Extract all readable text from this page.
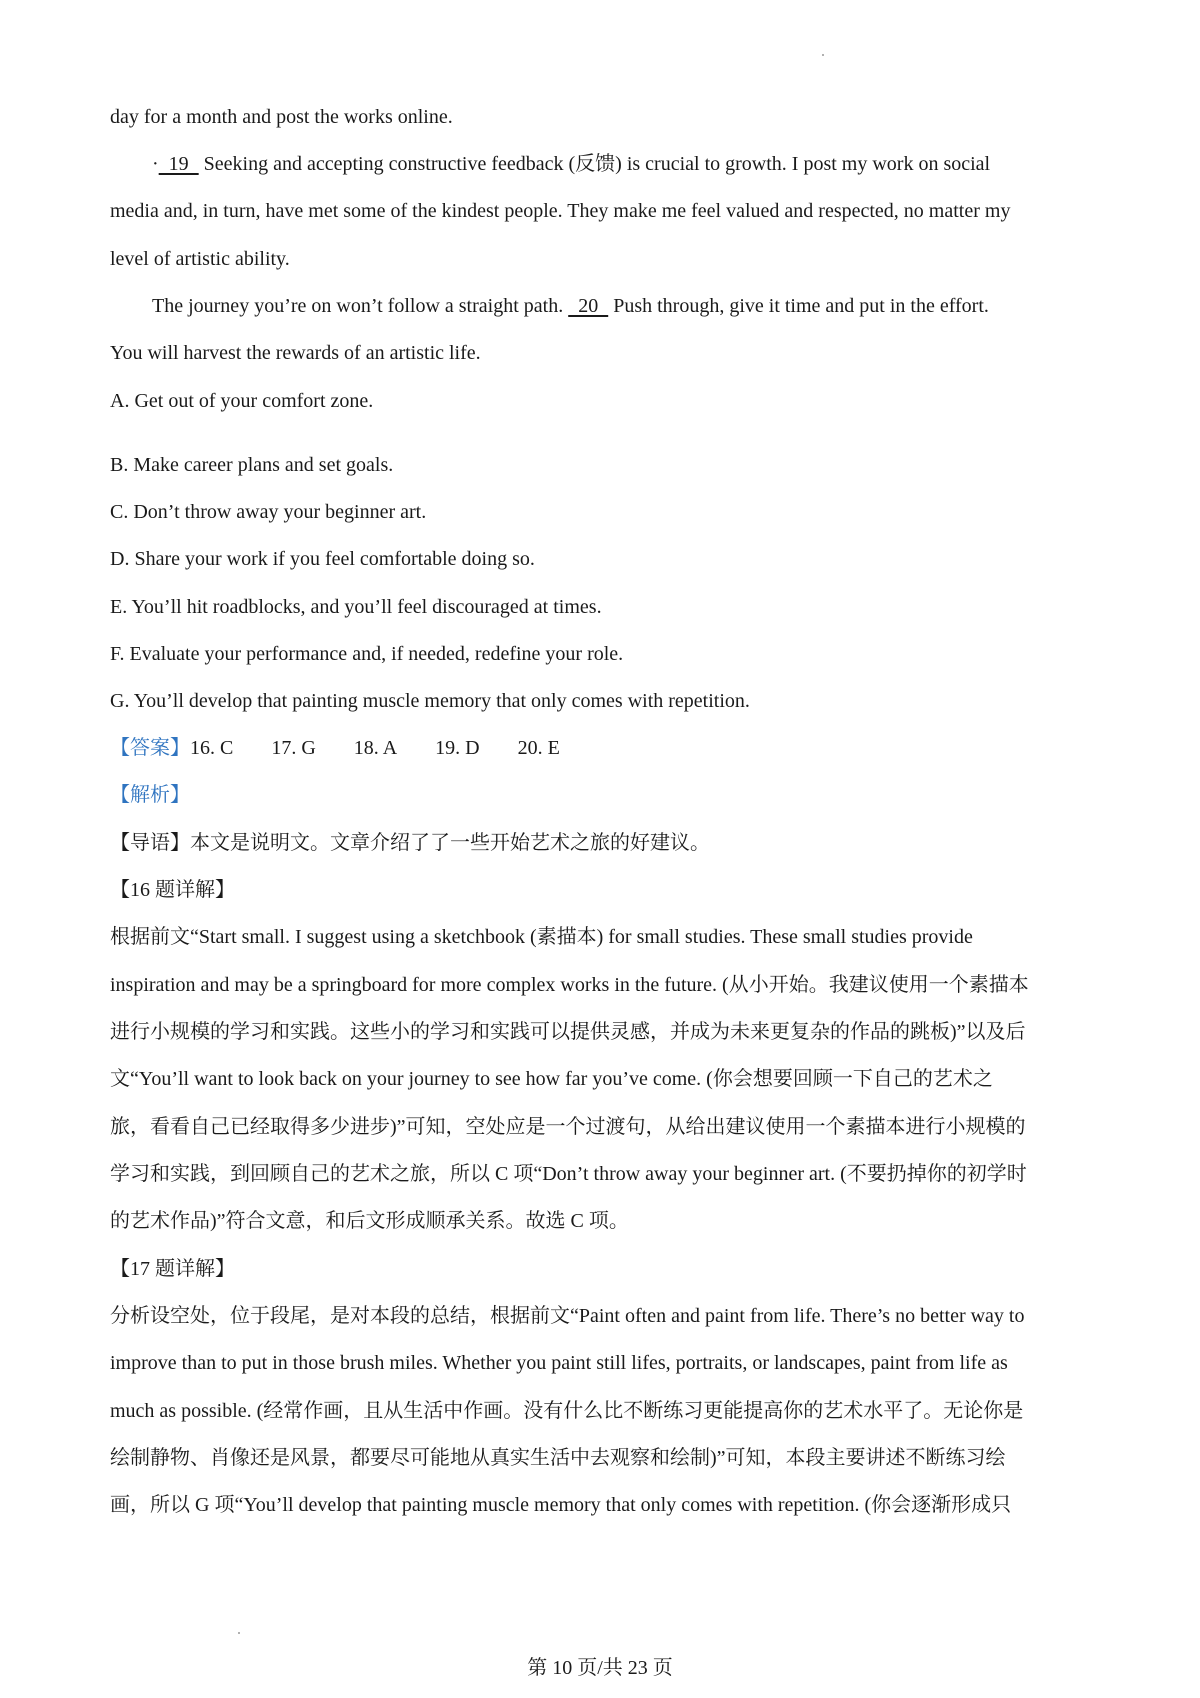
day for a month and post the works online.
·  19   Seeking and accepting constructive feedback (反馈) is crucial to growth. I post my work on social
media and, in turn, have met some of the kindest people. They make me feel valued and respected, no matter my
level of artistic ability.
The journey you’re on won’t follow a straight path.   20   Push through, give it time and put in the effort.
You will harvest the rewards of an artistic life.
A. Get out of your comfort zone.
B. Make career plans and set goals.
C. Don’t throw away your beginner art.
D. Share your work if you feel comfortable doing so.
E. You’ll hit roadblocks, and you’ll feel discouraged at times.
F. Evaluate your performance and, if needed, redefine your role.
G. You’ll develop that painting muscle memory that only comes with repetition.
【答案】16. C 17. G 18. A 19. D 20. E
【解析】
【导语】本文是说明文。文章介绍了了一些开始艺术之旅的好建议。
【16 题详解】
根据前文“Start small. I suggest using a sketchbook (素描本) for small studies. These small studies provide
inspiration and may be a springboard for more complex works in the future. (从小开始。我建议使用一个素描本
进行小规模的学习和实践。这些小的学习和实践可以提供灵感，并成为未来更复杂的作品的跳板)”以及后
文“You’ll want to look back on your journey to see how far you’ve come. (你会想要回顾一下自己的艺术之
旅，看看自己已经取得多少进步)”可知，空处应是一个过渡句，从给出建议使用一个素描本进行小规模的
学习和实践，到回顾自己的艺术之旅，所以 C 项“Don’t throw away your beginner art. (不要扔掉你的初学时
的艺术作品)”符合文意，和后文形成顺承关系。故选 C 项。
【17 题详解】
分析设空处，位于段尾，是对本段的总结，根据前文“Paint often and paint from life. There’s no better way to
improve than to put in those brush miles. Whether you paint still lifes, portraits, or landscapes, paint from life as
much as possible. (经常作画，且从生活中作画。没有什么比不断练习更能提高你的艺术水平了。无论你是
绘制静物、肖像还是风景，都要尽可能地从真实生活中去观察和绘制)”可知，本段主要讲述不断练习绘
画，所以 G 项“You’ll develop that painting muscle memory that only comes with repetition. (你会逐渐形成只
第 10 页/共 23 页
